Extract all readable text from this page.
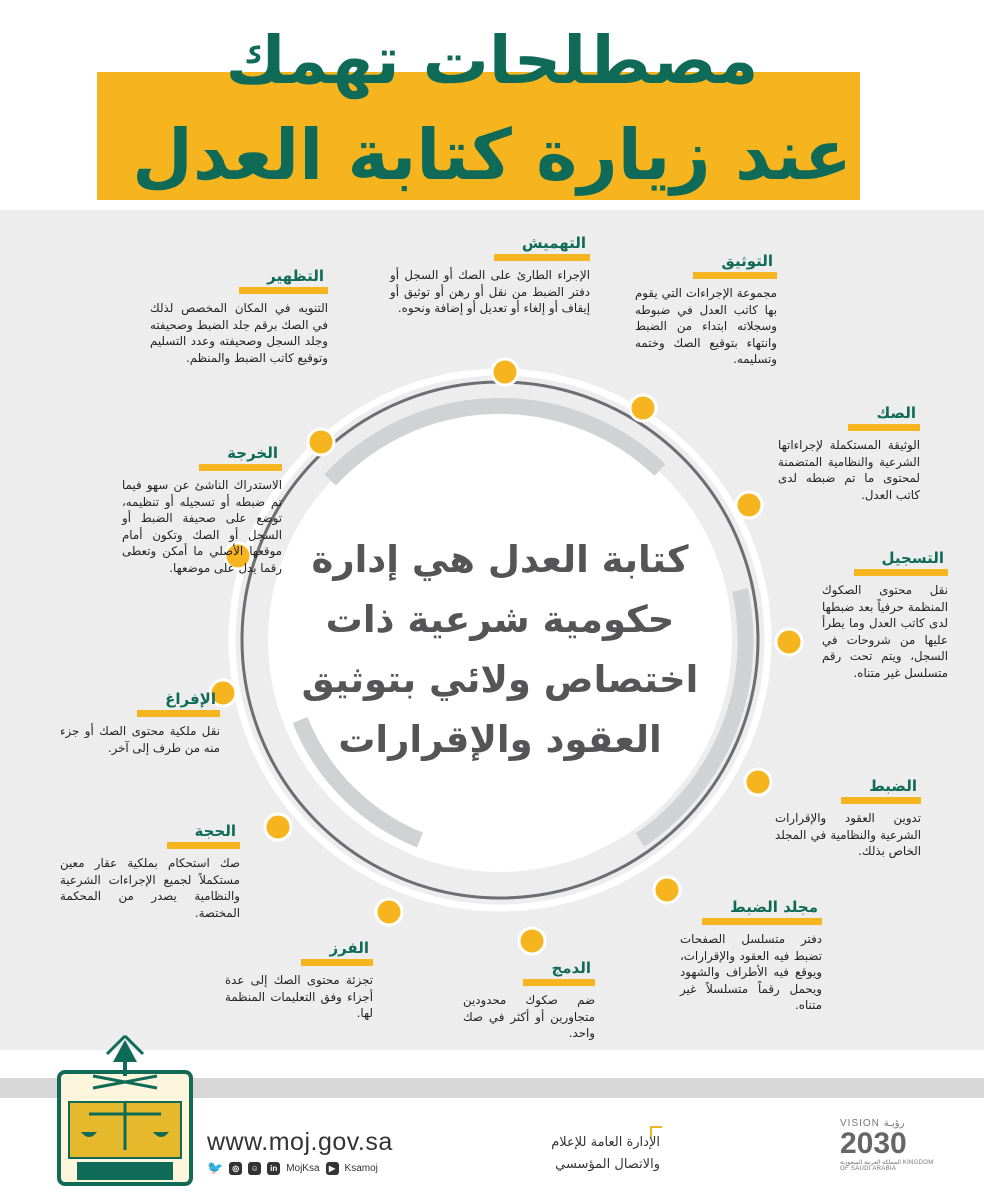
مصطلحات تهمك
عند زيارة كتابة العدل
كتابة العدل هي إدارة
حكومية شرعية ذات
اختصاص ولائي بتوثيق
العقود والإقرارات
التهميش
الإجراء الطارئ على الصك أو السجل أو دفتر الضبط من نقل أو رهن أو توثيق أو إيقاف أو إلغاء أو تعديل أو إضافة ونحوه.
التوثيق
مجموعة الإجراءات التي يقوم بها كاتب العدل في ضبوطه وسجلاته ابتداء من الضبط وانتهاء بتوقيع الصك وختمه وتسليمه.
التظهير
التنويه في المكان المخصص لذلك في الصك برقم جلد الضبط وصحيفته وجلد السجل وصحيفته وعدد التسليم وتوقيع كاتب الضبط والمنظم.
الصك
الوثيقة المستكملة لإجراءاتها الشرعية والنظامية المتضمنة لمحتوى ما تم ضبطه لدى كاتب العدل.
الخرجة
الاستدراك الناشئ عن سهو فيما تم ضبطه أو تسجيله أو تنظيمه، توضع على صحيفة الضبط أو السجل أو الصك وتكون أمام موقعها الأصلي ما أمكن وتعطى رقما يدل على موضعها.
التسجيل
نقل محتوى الصكوك المنظمة حرفياً بعد ضبطها لدى كاتب العدل وما يطرأ عليها من شروحات في السجل، ويتم تحت رقم متسلسل غير متناه.
الإفراغ
نقل ملكية محتوى الصك أو جزء منه من طرف إلى آخر.
الضبط
تدوين العقود والإقرارات الشرعية والنظامية في المجلد الخاص بذلك.
الحجة
صك استحكام بملكية عقار معين مستكملاً لجميع الإجراءات الشرعية والنظامية يصدر من المحكمة المختصة.	مجلد الضبط
دفتر متسلسل الصفحات تضبط فيه العقود والإقرارات، ويوقع فيه الأطراف والشهود ويحمل رقماً متسلسلاً غير متناه.
الفرز
تجزئة محتوى الصك إلى عدة أجزاء وفق التعليمات المنظمة لها.
الدمج
ضم صكوك محدودين متجاورين أو أكثر في صك واحد.
www.moj.gov.sa
🐦	◎	☺	in MojKsa	▶ Ksamoj
الإدارة العامة للإعلام
والاتصال المؤسسي
VISION رؤيـة
2030
المملكة العربية السعودية KINGDOM OF SAUDI ARABIA
